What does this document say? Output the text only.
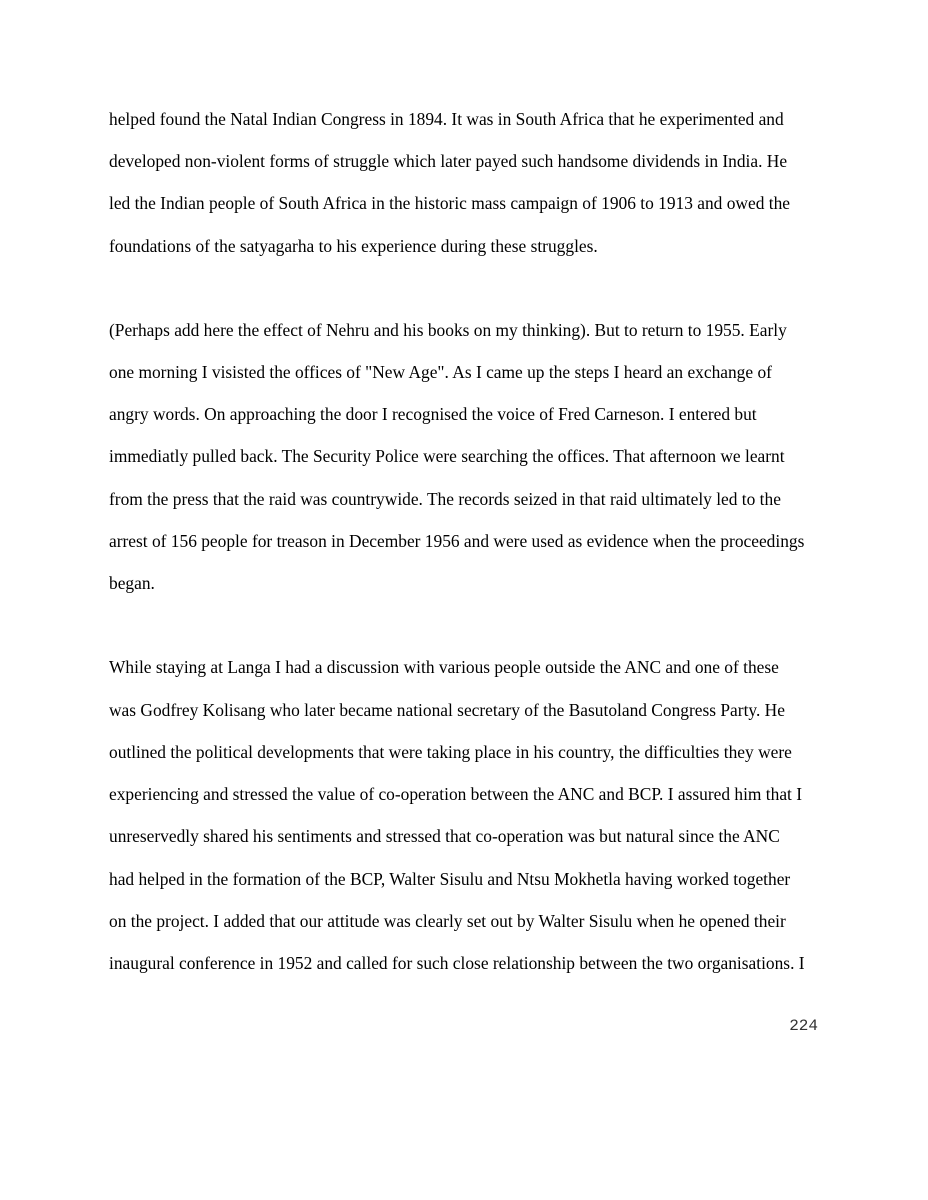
helped found the Natal Indian Congress in 1894. It was in South Africa that he experimented and
developed non-violent forms of struggle which later payed such handsome dividends in India. He
led the Indian people of South Africa in the historic mass campaign of 1906 to 1913 and owed the
foundations of the satyagarha to his experience during these struggles.
(Perhaps add here the effect of Nehru and his books on my thinking). But to return to 1955. Early
one morning I visisted the offices of "New Age". As I came up the steps I heard an exchange of
angry words. On approaching the door I recognised the voice of Fred Carneson. I entered but
immediatly pulled back. The Security Police were searching the offices. That afternoon we learnt
from the press that the raid was countrywide. The records seized in that raid ultimately led to the
arrest of 156 people for treason in December 1956 and were used as evidence when the proceedings
began.
While staying at Langa I had a discussion with various people outside the ANC and one of these
was Godfrey Kolisang who later became national secretary of the Basutoland Congress Party. He
outlined the political developments that were taking place in his country, the difficulties they were
experiencing and stressed the value of co-operation between the ANC and BCP. I assured him that I
unreservedly shared his sentiments and stressed that co-operation was but natural since the ANC
had helped in the formation of the BCP, Walter Sisulu and Ntsu Mokhetla having worked together
on the project. I added that our attitude was clearly set out by Walter Sisulu when he opened their
inaugural conference in 1952 and called for such close relationship between the two organisations. I
224
